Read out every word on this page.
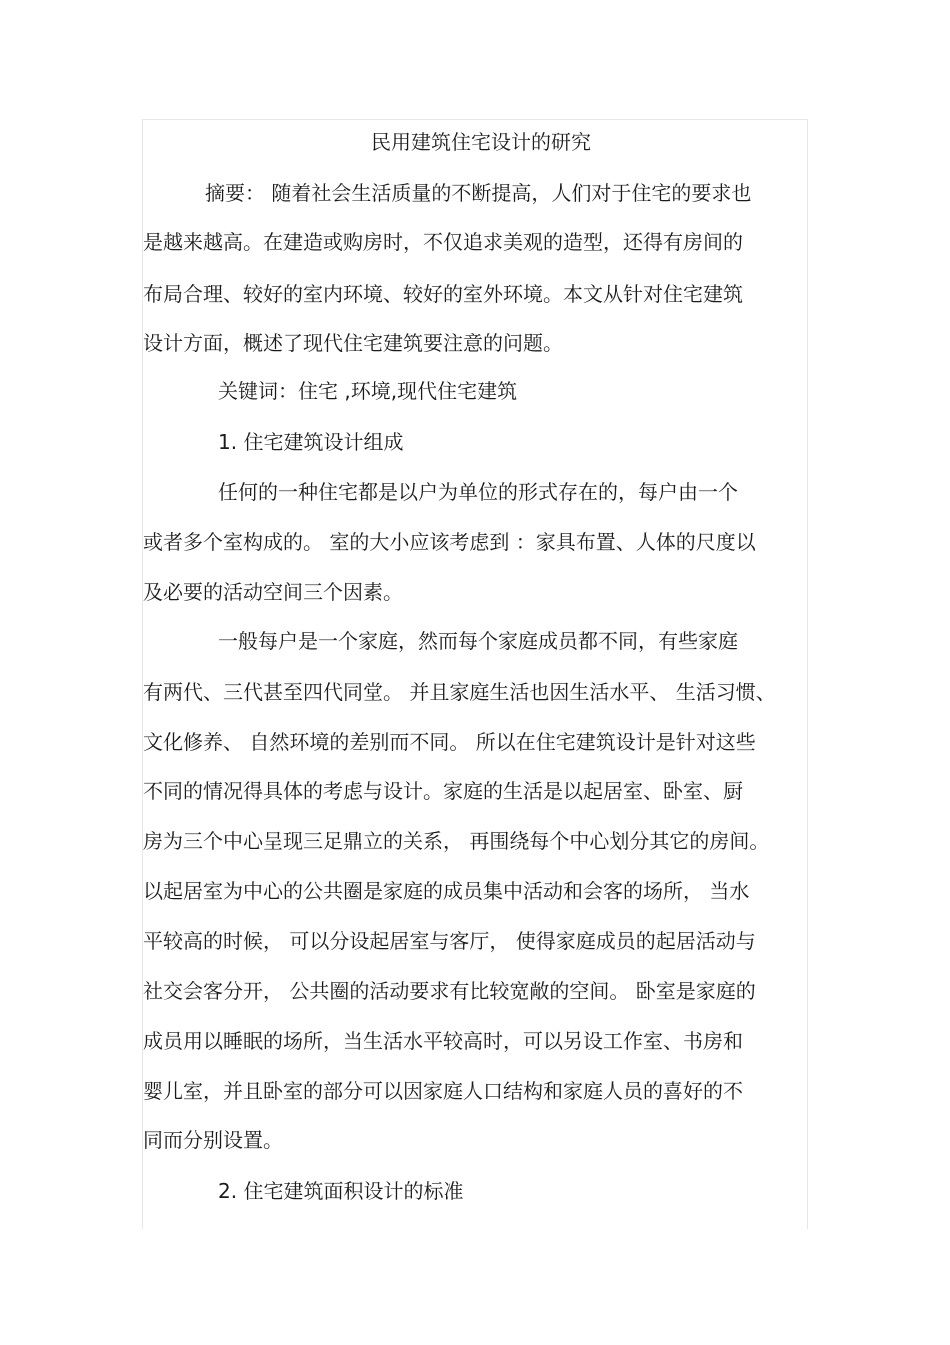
民用建筑住宅设计的研究
摘要： 随着社会生活质量的不断提高，人们对于住宅的要求也
是越来越高。在建造或购房时，不仅追求美观的造型，还得有房间的
布局合理、较好的室内环境、较好的室外环境。本文从针对住宅建筑
设计方面，概述了现代住宅建筑要注意的问题。
关键词：住宅 ,环境,现代住宅建筑
1. 住宅建筑设计组成
任何的一种住宅都是以户为单位的形式存在的，每户由一个
或者多个室构成的。 室的大小应该考虑到 ：家具布置、人体的尺度以
及必要的活动空间三个因素。
一般每户是一个家庭，然而每个家庭成员都不同，有些家庭
有两代、三代甚至四代同堂。 并且家庭生活也因生活水平、 生活习惯、
文化修养、 自然环境的差别而不同。 所以在住宅建筑设计是针对这些
不同的情况得具体的考虑与设计。家庭的生活是以起居室、卧室、厨
房为三个中心呈现三足鼎立的关系， 再围绕每个中心划分其它的房间。
以起居室为中心的公共圈是家庭的成员集中活动和会客的场所， 当水
平较高的时候， 可以分设起居室与客厅， 使得家庭成员的起居活动与
社交会客分开， 公共圈的活动要求有比较宽敞的空间。 卧室是家庭的
成员用以睡眠的场所，当生活水平较高时，可以另设工作室、书房和
婴儿室，并且卧室的部分可以因家庭人口结构和家庭人员的喜好的不
同而分别设置。
2. 住宅建筑面积设计的标准
